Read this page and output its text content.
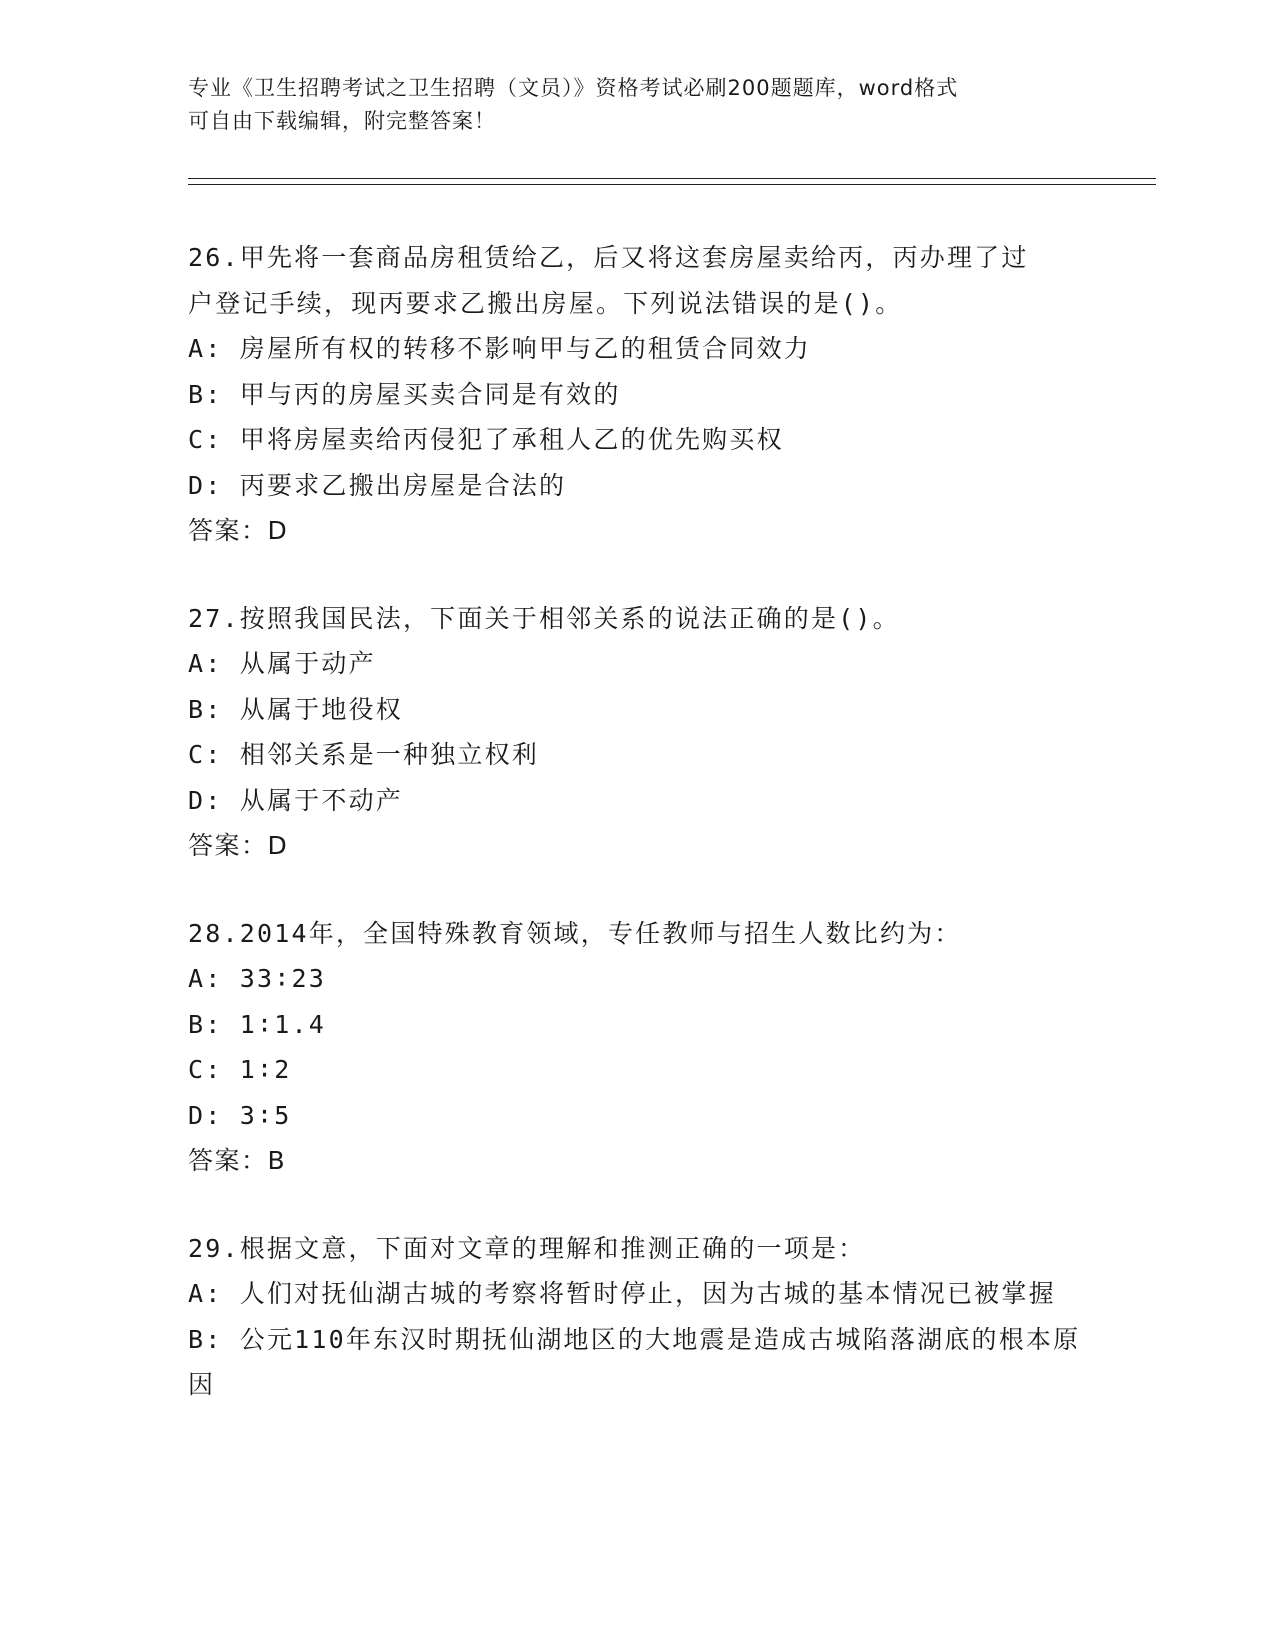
专业《卫生招聘考试之卫生招聘（文员）》资格考试必刷200题题库，word格式
可自由下载编辑，附完整答案！
26.甲先将一套商品房租赁给乙，后又将这套房屋卖给丙，丙办理了过
户登记手续，现丙要求乙搬出房屋。下列说法错误的是()。
A: 房屋所有权的转移不影响甲与乙的租赁合同效力
B: 甲与丙的房屋买卖合同是有效的
C: 甲将房屋卖给丙侵犯了承租人乙的优先购买权
D: 丙要求乙搬出房屋是合法的
答案：D
27.按照我国民法，下面关于相邻关系的说法正确的是()。
A: 从属于动产
B: 从属于地役权
C: 相邻关系是一种独立权利
D: 从属于不动产
答案：D
28.2014年，全国特殊教育领域，专任教师与招生人数比约为：
A: 33∶23
B: 1∶1.4
C: 1∶2
D: 3∶5
答案：B
29.根据文意，下面对文章的理解和推测正确的一项是：
A: 人们对抚仙湖古城的考察将暂时停止，因为古城的基本情况已被掌握
B: 公元110年东汉时期抚仙湖地区的大地震是造成古城陷落湖底的根本原因
